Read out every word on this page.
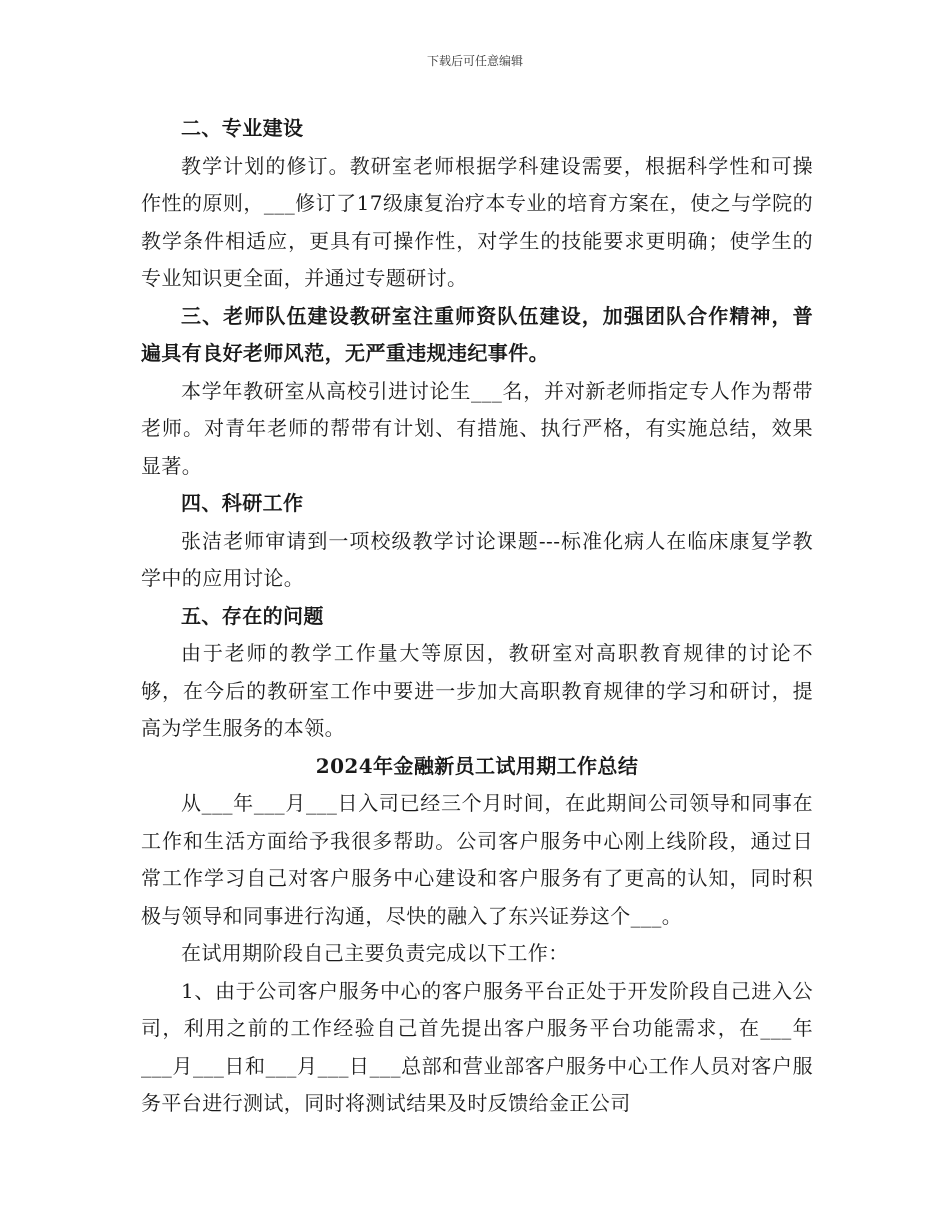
下载后可任意编辑

二、专业建设

教学计划的修订。教研室老师根据学科建设需要，根据科学性和可操作性的原则，___修订了17级康复治疗本专业的培育方案在，使之与学院的教学条件相适应，更具有可操作性，对学生的技能要求更明确；使学生的专业知识更全面，并通过专题研讨。

三、老师队伍建设教研室注重师资队伍建设，加强团队合作精神，普遍具有良好老师风范，无严重违规违纪事件。

本学年教研室从高校引进讨论生___名，并对新老师指定专人作为帮带老师。对青年老师的帮带有计划、有措施、执行严格，有实施总结，效果显著。

四、科研工作

张洁老师审请到一项校级教学讨论课题---标准化病人在临床康复学教学中的应用讨论。

五、存在的问题

由于老师的教学工作量大等原因，教研室对高职教育规律的讨论不够，在今后的教研室工作中要进一步加大高职教育规律的学习和研讨，提高为学生服务的本领。

2024年金融新员工试用期工作总结

从___年___月___日入司已经三个月时间，在此期间公司领导和同事在工作和生活方面给予我很多帮助。公司客户服务中心刚上线阶段，通过日常工作学习自己对客户服务中心建设和客户服务有了更高的认知，同时积极与领导和同事进行沟通，尽快的融入了东兴证券这个___。

在试用期阶段自己主要负责完成以下工作：

1、由于公司客户服务中心的客户服务平台正处于开发阶段自己进入公司，利用之前的工作经验自己首先提出客户服务平台功能需求，在___年___月___日和___月___日___总部和营业部客户服务中心工作人员对客户服务平台进行测试，同时将测试结果及时反馈给金正公司
